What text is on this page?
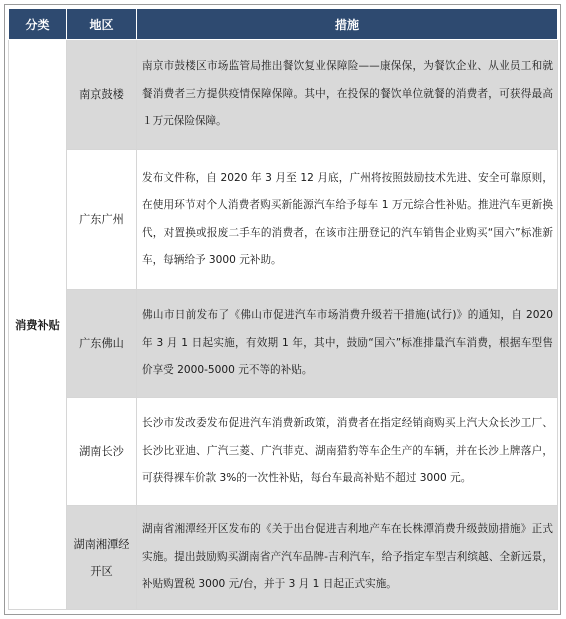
分类	地区	措施
消费补贴	南京鼓楼	南京市鼓楼区市场监管局推出餐饮复业保障险——康保保，为餐饮企业、从业员工和就餐消费者三方提供疫情保障保障。其中，在投保的餐饮单位就餐的消费者，可获得最高１万元保险保障。
	广东广州	发布文件称，自 2020 年 3 月至 12 月底，广州将按照鼓励技术先进、安全可靠原则，在使用环节对个人消费者购买新能源汽车给予每车 1 万元综合性补贴。推进汽车更新换代，对置换或报废二手车的消费者，在该市注册登记的汽车销售企业购买“国六”标准新车，每辆给予 3000 元补助。
	广东佛山	佛山市日前发布了《佛山市促进汽车市场消费升级若干措施(试行)》的通知，自 2020 年 3 月 1 日起实施，有效期 1 年，其中，鼓励“国六”标准排量汽车消费，根据车型售价享受 2000-5000 元不等的补贴。
	湖南长沙	长沙市发改委发布促进汽车消费新政策，消费者在指定经销商购买上汽大众长沙工厂、长沙比亚迪、广汽三菱、广汽菲克、湖南猎豹等车企生产的车辆，并在长沙上牌落户，可获得裸车价款 3%的一次性补贴，每台车最高补贴不超过 3000 元。
	湖南湘潭经开区	湖南省湘潭经开区发布的《关于出台促进吉利地产车在长株潭消费升级鼓励措施》正式实施。提出鼓励购买湖南省产汽车品牌-吉利汽车，给予指定车型吉利缤越、全新远景，补贴购置税 3000 元/台，并于 3 月 1 日起正式实施。
